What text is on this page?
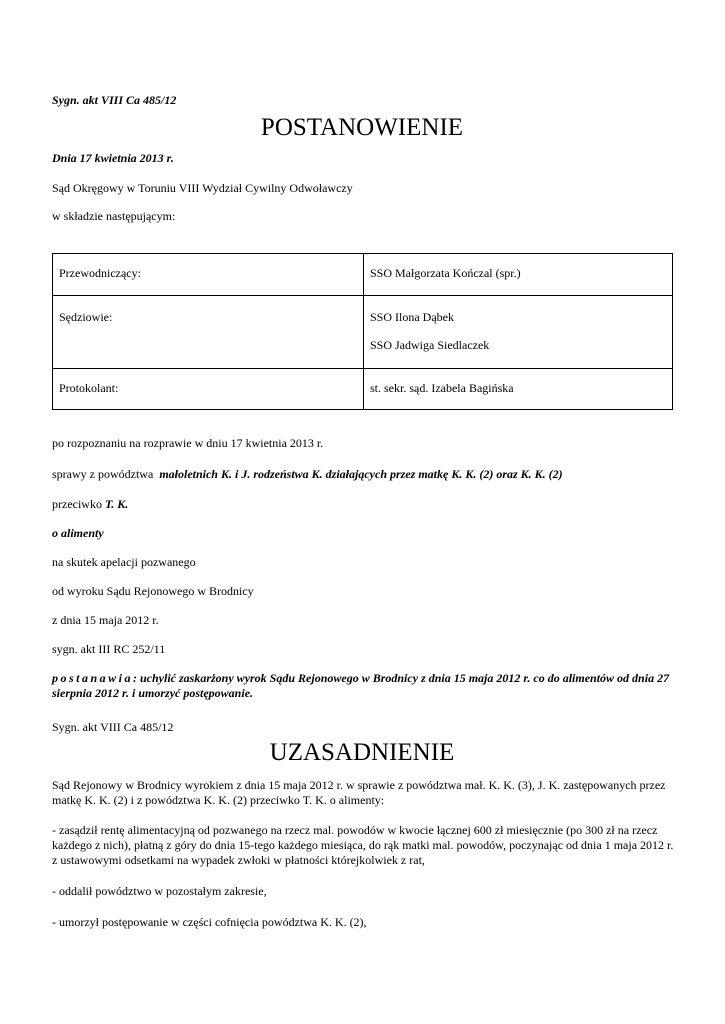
Sygn. akt VIII Ca 485/12
POSTANOWIENIE
Dnia 17 kwietnia 2013 r.
Sąd Okręgowy w Toruniu VIII Wydział Cywilny Odwoławczy
w składzie następującym:
Przewodniczący:	SSO Małgorzata Kończal (spr.)
Sędziowie:	SSO Ilona Dąbek
SSO Jadwiga Siedlaczek

Protokolant:	st. sekr. sąd. Izabela Bagińska
po rozpoznaniu na rozprawie w dniu 17 kwietnia 2013 r.
sprawy z powództwa małoletnich K. i J. rodzeństwa K. działających przez matkę K. K. (2) oraz K. K. (2)
przeciwko T. K.
o alimenty
na skutek apelacji pozwanego
od wyroku Sądu Rejonowego w Brodnicy
z dnia 15 maja 2012 r.
sygn. akt III RC 252/11
postanawia: uchylić zaskarżony wyrok Sądu Rejonowego w Brodnicy z dnia 15 maja 2012 r. co do alimentów od dnia 27 sierpnia 2012 r. i umorzyć postępowanie.
Sygn. akt VIII Ca 485/12
UZASADNIENIE
Sąd Rejonowy w Brodnicy wyrokiem z dnia 15 maja 2012 r. w sprawie z powództwa mał. K. K. (3), J. K. zastępowanych przez matkę K. K. (2) i z powództwa K. K. (2) przeciwko T. K. o alimenty:
- zasądził rentę alimentacyjną od pozwanego na rzecz mal. powodów w kwocie łącznej 600 zł miesięcznie (po 300 zł na rzecz każdego z nich), płatną z góry do dnia 15-tego każdego miesiąca, do rąk matki mal. powodów, poczynając od dnia 1 maja 2012 r. z ustawowymi odsetkami na wypadek zwłoki w płatności którejkolwiek z rat,
- oddalił powództwo w pozostałym zakresie,
- umorzył postępowanie w części cofnięcia powództwa K. K. (2),
